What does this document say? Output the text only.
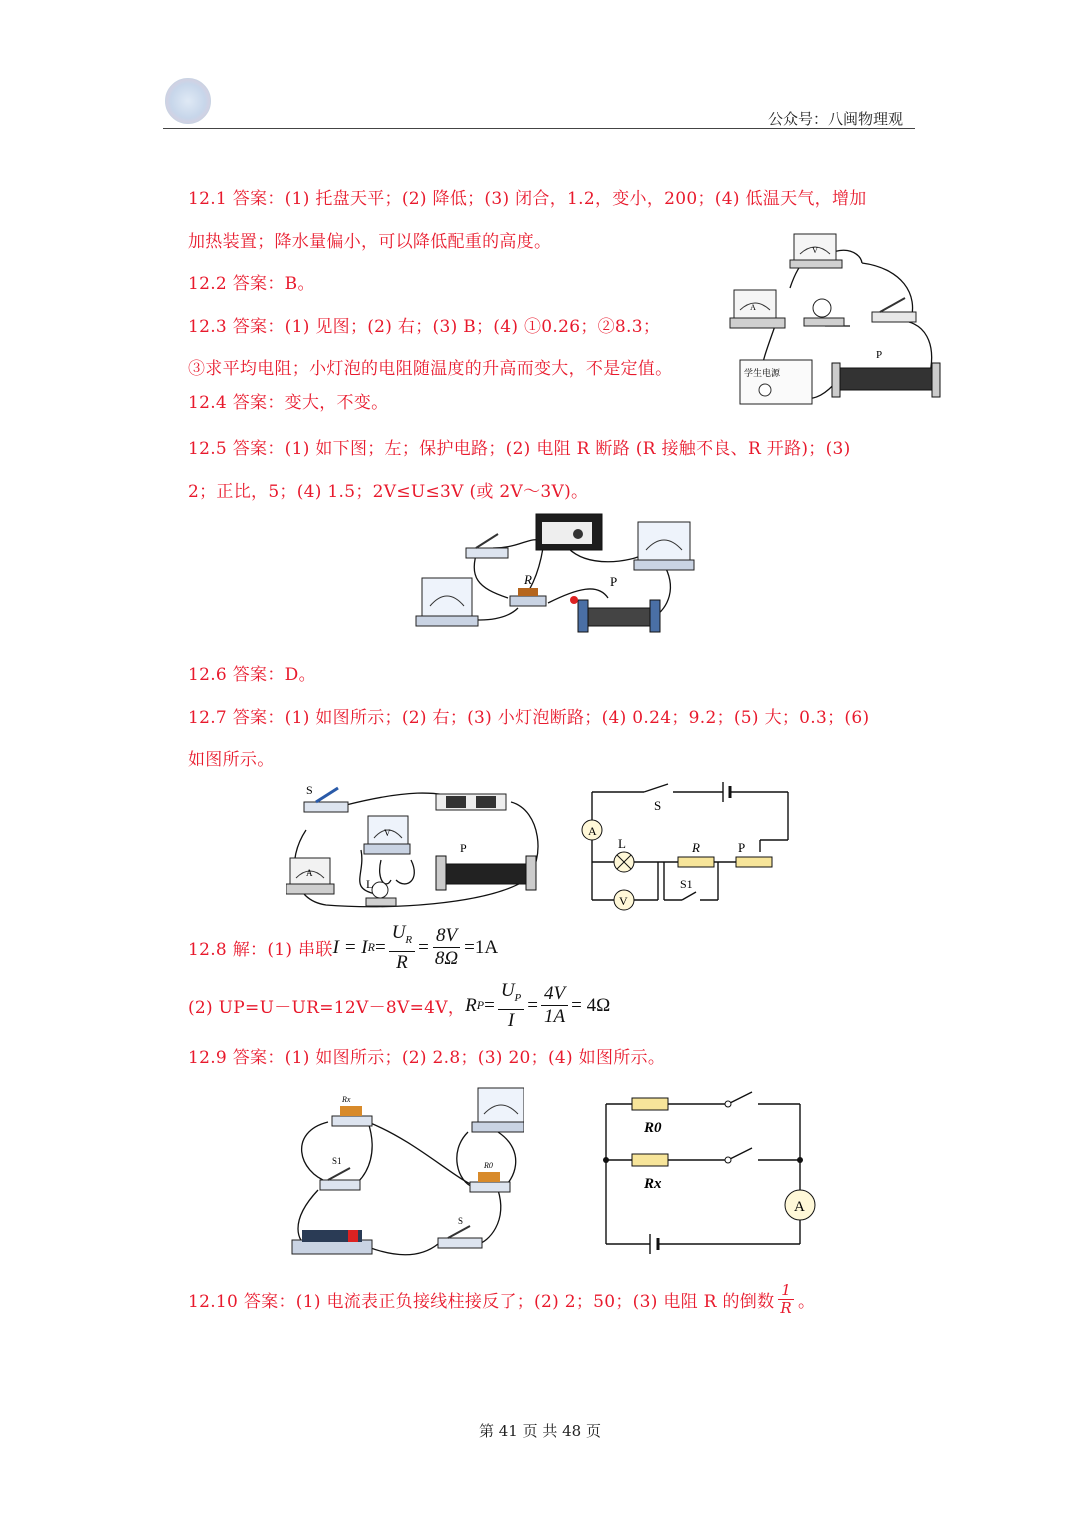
公众号：八闽物理观
12.1 答案：(1) 托盘天平；(2) 降低；(3) 闭合，1.2，变小，200；(4) 低温天气，增加
加热装置；降水量偏小，可以降低配重的高度。
12.2 答案：B。
12.3 答案：(1) 见图；(2) 右；(3) B；(4) ①0.26；②8.3；
③求平均电阻；小灯泡的电阻随温度的升高而变大，不是定值。
12.4 答案：变大，不变。
A
V
学生电源
P
12.5 答案：(1) 如下图；左；保护电路；(2) 电阻 R 断路 (R 接触不良、R 开路)；(3)
2；正比，5；(4) 1.5；2V≤U≤3V (或 2V～3V)。
R	P
12.6 答案：D。
12.7 答案：(1) 如图所示；(2) 右；(3) 小灯泡断路；(4) 0.24；9.2；(5) 大；0.3；(6)
如图所示。
S
V
A
L
P
S
A
L	R	P
V
S1
12.8 解：(1) 串联 I = I $R = \frac{U_R}{R} = \frac{8V}{8\Omega} =1A$
(2) UP=U－UR=12V－8V=4V， R $P = \frac{U_P}{I} = \frac{4V}{1A} = 4\Omega$
12.9 答案：(1) 如图所示；(2) 2.8；(3) 20；(4) 如图所示。
Rx
S1	R0
S
R0
Rx
A
12.10 答案：(1) 电流表正负接线柱接反了；(2) 2；50；(3) 电阻 R 的倒数 $\frac{1}{R}$ 。
第 41 页 共 48 页
